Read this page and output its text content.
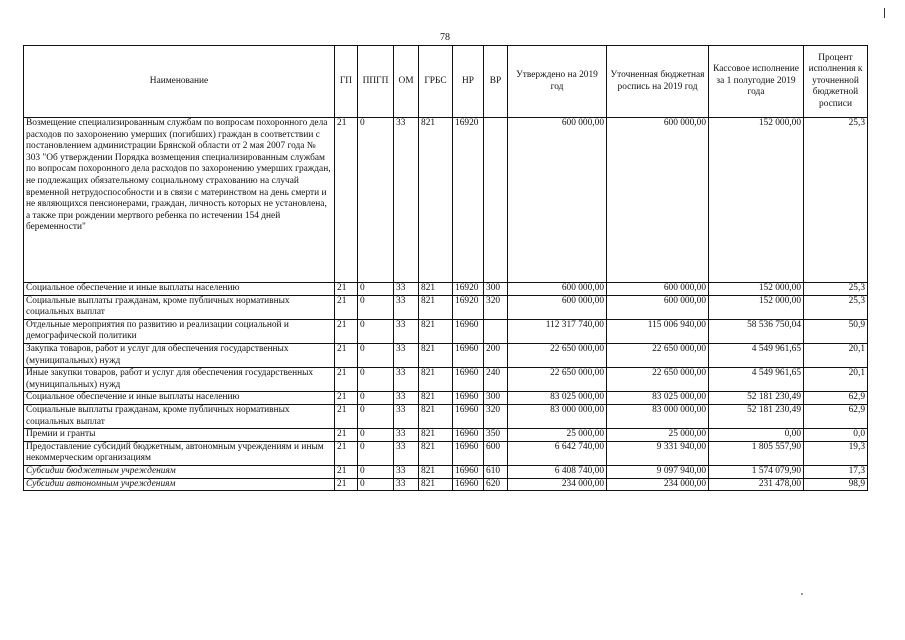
78
Наименование	ГП	ППГП	ОМ	ГРБС	НР	ВР	Утверждено на 2019 год	Уточненная бюджетная роспись на 2019 год	Кассовое исполнение за 1 полугодие 2019 года	Процент исполнения к уточненной бюджетной росписи
Возмещение специализированным службам по вопросам похоронного дела расходов по захоронению умерших (погибших) граждан в соответствии с постановлением администрации Брянской области от 2 мая 2007 года № 303 "Об утверждении Порядка возмещения специализированным службам по вопросам похоронного дела расходов по захоронению умерших граждан, не подлежащих обязательному социальному страхованию на случай временной нетрудоспособности и в связи с материнством на день смерти и не являющихся пенсионерами, граждан, личность которых не установлена, а также при рождении мертвого ребенка по истечении 154 дней беременности"	21	0	33	821	16920		600 000,00	600 000,00	152 000,00	25,3
Социальное обеспечение и иные выплаты населению	21	0	33	821	16920	300	600 000,00	600 000,00	152 000,00	25,3
Социальные выплаты гражданам, кроме публичных нормативных социальных выплат	21	0	33	821	16920	320	600 000,00	600 000,00	152 000,00	25,3
Отдельные мероприятия по развитию и реализации социальной и демографической политики	21	0	33	821	16960		112 317 740,00	115 006 940,00	58 536 750,04	50,9
Закупка товаров, работ и услуг для обеспечения государственных (муниципальных) нужд	21	0	33	821	16960	200	22 650 000,00	22 650 000,00	4 549 961,65	20,1
Иные закупки товаров, работ и услуг для обеспечения государственных (муниципальных) нужд	21	0	33	821	16960	240	22 650 000,00	22 650 000,00	4 549 961,65	20,1
Социальное обеспечение и иные выплаты населению	21	0	33	821	16960	300	83 025 000,00	83 025 000,00	52 181 230,49	62,9
Социальные выплаты гражданам, кроме публичных нормативных социальных выплат	21	0	33	821	16960	320	83 000 000,00	83 000 000,00	52 181 230,49	62,9
Премии и гранты	21	0	33	821	16960	350	25 000,00	25 000,00	0,00	0,0
Предоставление субсидий бюджетным, автономным учреждениям и иным некоммерческим организациям	21	0	33	821	16960	600	6 642 740,00	9 331 940,00	1 805 557,90	19,3
Субсидии бюджетным учреждениям	21	0	33	821	16960	610	6 408 740,00	9 097 940,00	1 574 079,90	17,3
Субсидии автономным учреждениям	21	0	33	821	16960	620	234 000,00	234 000,00	231 478,00	98,9
